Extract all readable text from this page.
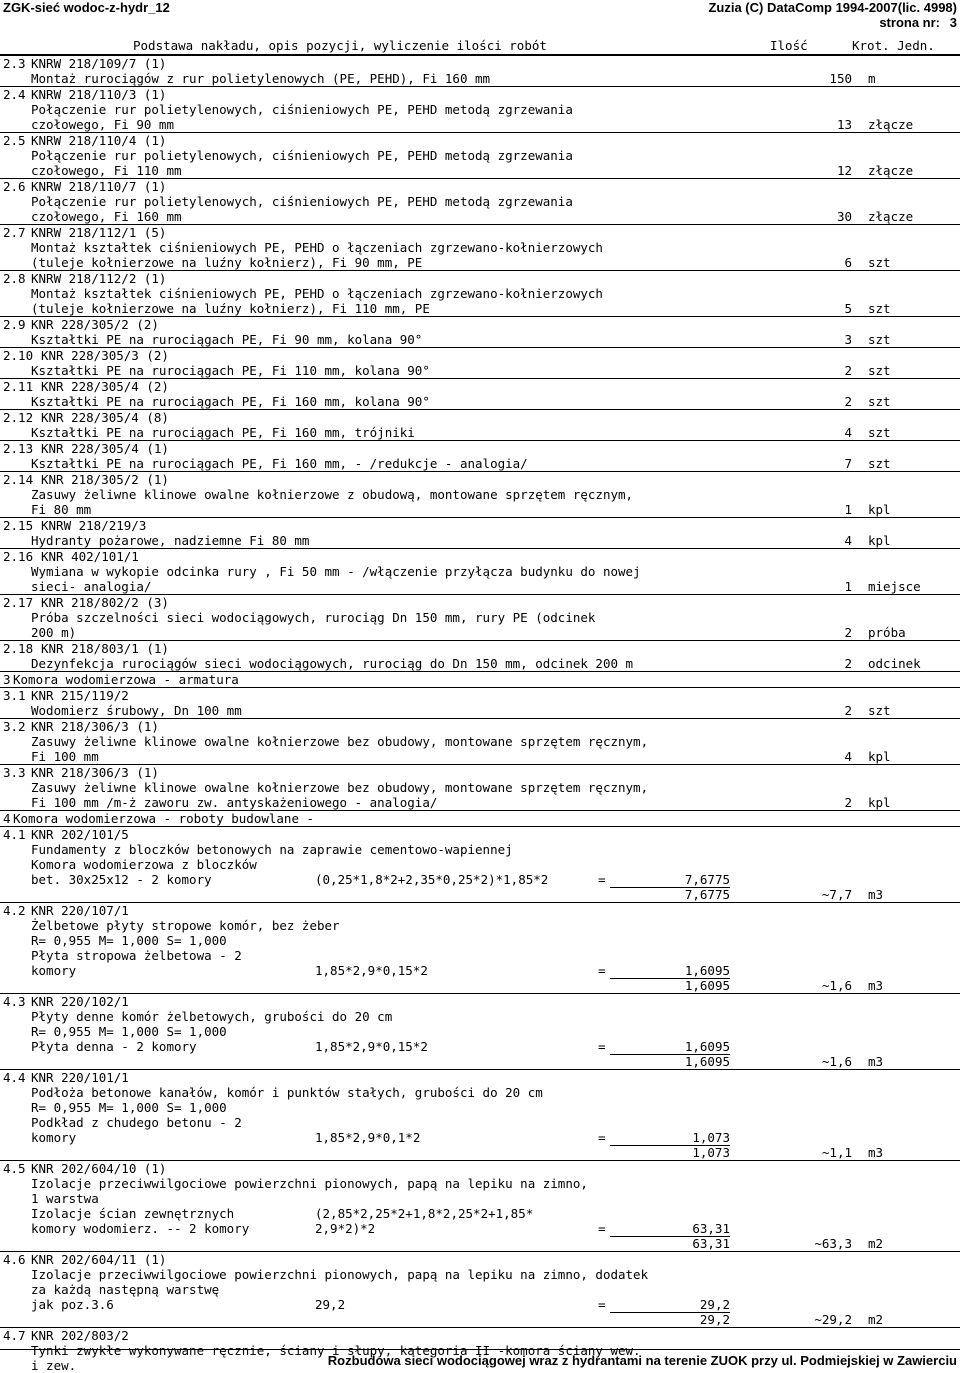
ZGK-sieć wodoc-z-hydr_12	Zuzia (C) DataComp 1994-2007(lic. 4998)
strona nr: 3
Podstawa nakładu, opis pozycji, wyliczenie ilości robót	Ilość	Krot. Jedn.
2.3 KNRW 218/109/7 (1)
Montaż rurociągów z rur polietylenowych (PE, PEHD), Fi 160 mm	150 m
2.4 KNRW 218/110/3 (1)
Połączenie rur polietylenowych, ciśnieniowych PE, PEHD metodą zgrzewania
czołowego, Fi 90 mm	13 złącze
2.5 KNRW 218/110/4 (1)
Połączenie rur polietylenowych, ciśnieniowych PE, PEHD metodą zgrzewania
czołowego, Fi 110 mm	12 złącze
2.6 KNRW 218/110/7 (1)
Połączenie rur polietylenowych, ciśnieniowych PE, PEHD metodą zgrzewania
czołowego, Fi 160 mm	30 złącze
2.7 KNRW 218/112/1 (5)
Montaż kształtek ciśnieniowych PE, PEHD o łączeniach zgrzewano-kołnierzowych
(tuleje kołnierzowe na luźny kołnierz), Fi 90 mm, PE	6 szt
2.8 KNRW 218/112/2 (1)
Montaż kształtek ciśnieniowych PE, PEHD o łączeniach zgrzewano-kołnierzowych
(tuleje kołnierzowe na luźny kołnierz), Fi 110 mm, PE	5 szt
2.9 KNR 228/305/2 (2)
Kształtki PE na rurociągach PE, Fi 90 mm, kolana 90°	3 szt
2.10 KNR 228/305/3 (2)
Kształtki PE na rurociągach PE, Fi 110 mm, kolana 90°	2 szt
2.11 KNR 228/305/4 (2)
Kształtki PE na rurociągach PE, Fi 160 mm, kolana 90°	2 szt
2.12 KNR 228/305/4 (8)
Kształtki PE na rurociągach PE, Fi 160 mm, trójniki	4 szt
2.13 KNR 228/305/4 (1)
Kształtki PE na rurociągach PE, Fi 160 mm, - /redukcje - analogia/	7 szt
2.14 KNR 218/305/2 (1)
Zasuwy żeliwne klinowe owalne kołnierzowe z obudową, montowane sprzętem ręcznym,
Fi 80 mm	1 kpl
2.15 KNRW 218/219/3
Hydranty pożarowe, nadziemne Fi 80 mm	4 kpl
2.16 KNR 402/101/1
Wymiana w wykopie odcinka rury , Fi 50 mm - /włączenie przyłącza budynku do nowej
sieci- analogia/	1 miejsce
2.17 KNR 218/802/2 (3)
Próba szczelności sieci wodociągowych, rurociąg Dn 150 mm, rury PE (odcinek
200 m)	2 próba
2.18 KNR 218/803/1 (1)
Dezynfekcja rurociągów sieci wodociągowych, rurociąg do Dn 150 mm, odcinek 200 m	2 odcinek
3 Komora wodomierzowa - armatura
3.1 KNR 215/119/2
Wodomierz śrubowy, Dn 100 mm	2 szt
3.2 KNR 218/306/3 (1)
Zasuwy żeliwne klinowe owalne kołnierzowe bez obudowy, montowane sprzętem ręcznym,
Fi 100 mm	4 kpl
3.3 KNR 218/306/3 (1)
Zasuwy żeliwne klinowe owalne kołnierzowe bez obudowy, montowane sprzętem ręcznym,
Fi 100 mm /m-ż zaworu zw. antyskażeniowego - analogia/	2 kpl
4 Komora wodomierzowa - roboty budowlane -
4.1 KNR 202/101/5
Fundamenty z bloczków betonowych na zaprawie cementowo-wapiennej
Komora wodomierzowa z bloczków
bet. 30x25x12 - 2 komory	(0,25*1,8*2+2,35*0,25*2)*1,85*2	=	7,6775
7,6775	~7,7 m3
4.2 KNR 220/107/1
Żelbetowe płyty stropowe komór, bez żeber
R= 0,955 M= 1,000 S= 1,000
Płyta stropowa żelbetowa - 2
komory	1,85*2,9*0,15*2	=	1,6095
1,6095	~1,6 m3
4.3 KNR 220/102/1
Płyty denne komór żelbetowych, grubości do 20 cm
R= 0,955 M= 1,000 S= 1,000
Płyta denna - 2 komory	1,85*2,9*0,15*2	=	1,6095
1,6095	~1,6 m3
4.4 KNR 220/101/1
Podłoża betonowe kanałów, komór i punktów stałych, grubości do 20 cm
R= 0,955 M= 1,000 S= 1,000
Podkład z chudego betonu - 2
komory	1,85*2,9*0,1*2	=	1,073
1,073	~1,1 m3
4.5 KNR 202/604/10 (1)
Izolacje przeciwwilgociowe powierzchni pionowych, papą na lepiku na zimno,
1 warstwa
Izolacje ścian zewnętrznych	(2,85*2,25*2+1,8*2,25*2+1,85*
komory wodomierz. -- 2 komory	2,9*2)*2	=	63,31
63,31	~63,3 m2
4.6 KNR 202/604/11 (1)
Izolacje przeciwwilgociowe powierzchni pionowych, papą na lepiku na zimno, dodatek
za każdą następną warstwę
jak poz.3.6	29,2	=	29,2
29,2	~29,2 m2
4.7 KNR 202/803/2
Tynki zwykłe wykonywane ręcznie, ściany i słupy, kategoria II -komora ściany wew.
i zew.	Rozbudowa sieci wodociągowej wraz z hydrantami na terenie ZUOK przy ul. Podmiejskiej w Zawierciu
